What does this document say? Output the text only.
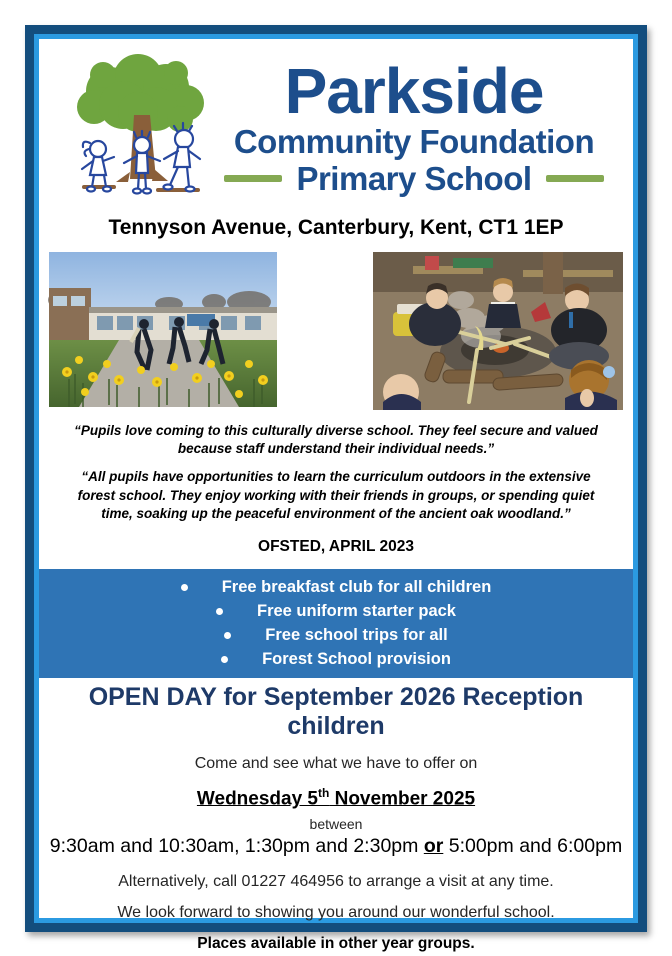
Parkside
Community Foundation
Primary School
Tennyson Avenue, Canterbury, Kent, CT1 1EP
“Pupils love coming to this culturally diverse school. They feel secure and valued because staff understand their individual needs.”
“All pupils have opportunities to learn the curriculum outdoors in the extensive forest school. They enjoy working with their friends in groups, or spending quiet time, soaking up the peaceful environment of the ancient oak woodland.”
OFSTED, APRIL 2023
Free breakfast club for all children
Free uniform starter pack
Free school trips for all
Forest School provision
OPEN DAY for September 2026 Reception children
Come and see what we have to offer on
Wednesday 5th November 2025
between
9:30am and 10:30am, 1:30pm and 2:30pm or 5:00pm and 6:00pm
Alternatively, call 01227 464956 to arrange a visit at any time.
We look forward to showing you around our wonderful school.
Places available in other year groups.
